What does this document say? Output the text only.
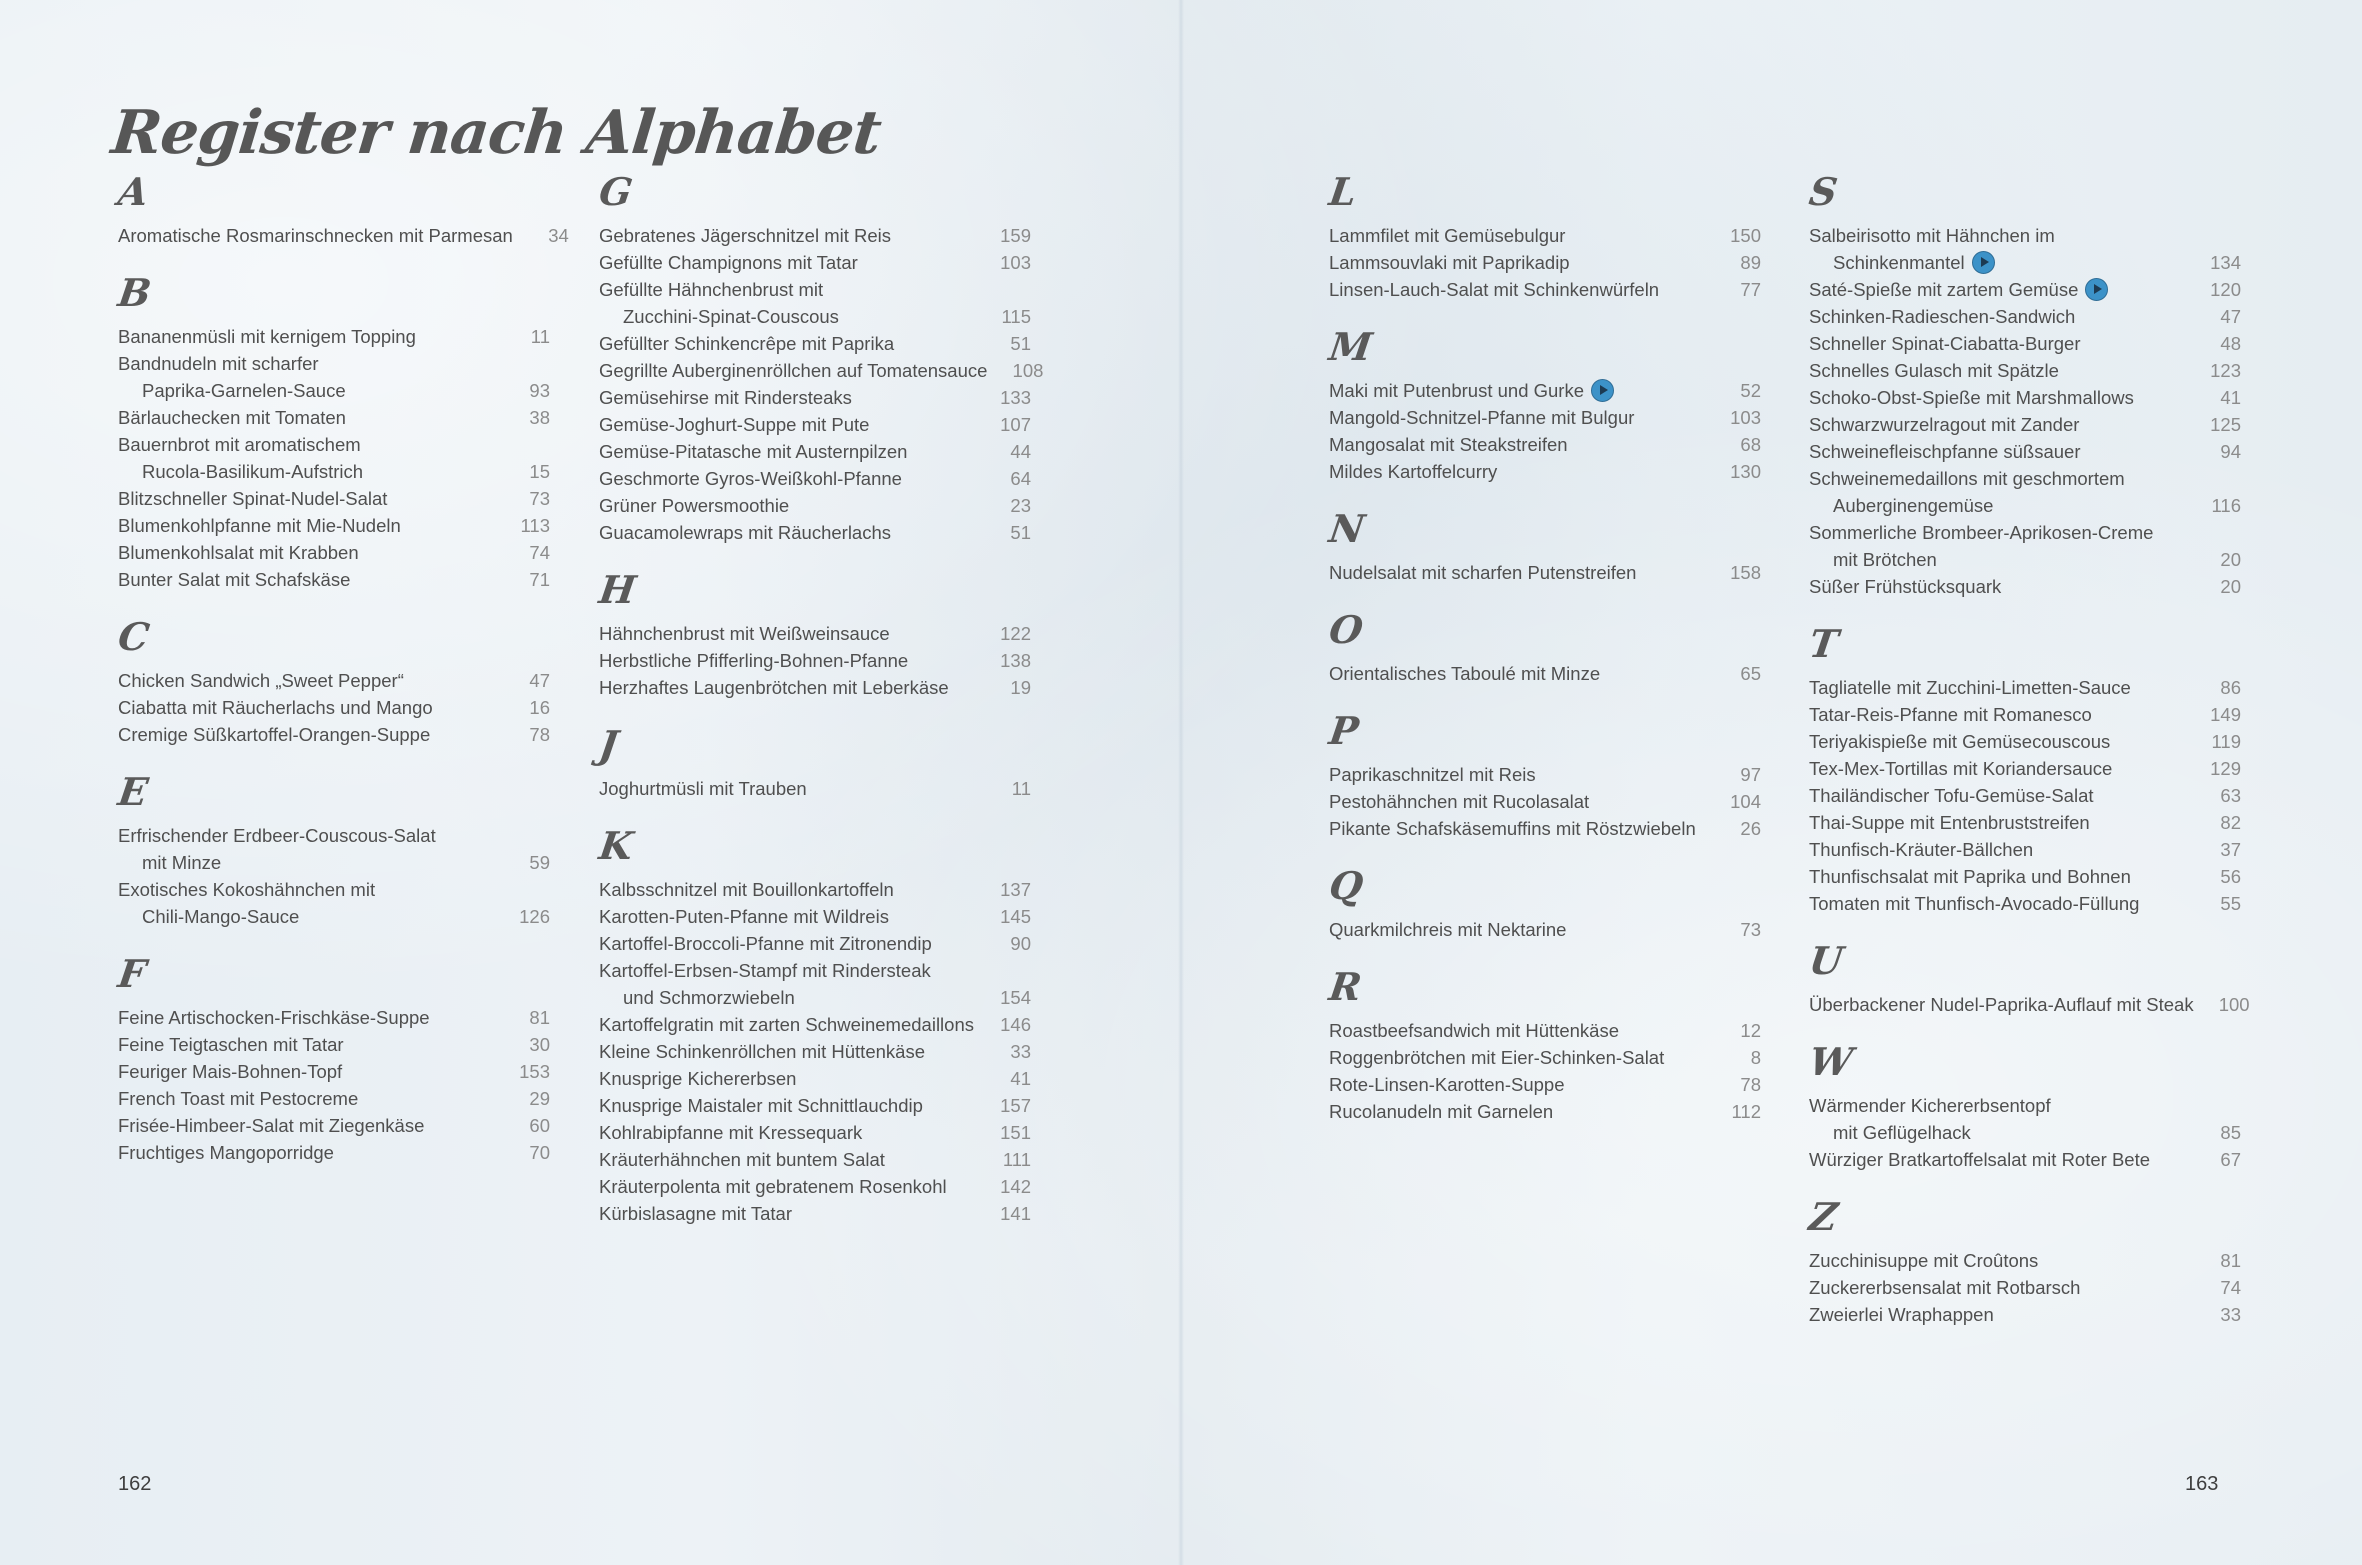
Register nach Alphabet
A
Aromatische Rosmarinschnecken mit Parmesan	34
B
Bananenmüsli mit kernigem Topping	11
Bandnudeln mit scharfer
Paprika-Garnelen-Sauce	93
Bärlauchecken mit Tomaten	38
Bauernbrot mit aromatischem
Rucola-Basilikum-Aufstrich	15
Blitzschneller Spinat-Nudel-Salat	73
Blumenkohlpfanne mit Mie-Nudeln	113
Blumenkohlsalat mit Krabben	74
Bunter Salat mit Schafskäse	71
C
Chicken Sandwich „Sweet Pepper“	47
Ciabatta mit Räucherlachs und Mango	16
Cremige Süßkartoffel-Orangen-Suppe	78
E
Erfrischender Erdbeer-Couscous-Salat
mit Minze	59
Exotisches Kokoshähnchen mit
Chili-Mango-Sauce	126
F
Feine Artischocken-Frischkäse-Suppe	81
Feine Teigtaschen mit Tatar	30
Feuriger Mais-Bohnen-Topf	153
French Toast mit Pestocreme	29
Frisée-Himbeer-Salat mit Ziegenkäse	60
Fruchtiges Mangoporridge	70
G
Gebratenes Jägerschnitzel mit Reis	159
Gefüllte Champignons mit Tatar	103
Gefüllte Hähnchenbrust mit
Zucchini-Spinat-Couscous	115
Gefüllter Schinkencrêpe mit Paprika	51
Gegrillte Auberginenröllchen auf Tomatensauce	108
Gemüsehirse mit Rindersteaks	133
Gemüse-Joghurt-Suppe mit Pute	107
Gemüse-Pitatasche mit Austernpilzen	44
Geschmorte Gyros-Weißkohl-Pfanne	64
Grüner Powersmoothie	23
Guacamolewraps mit Räucherlachs	51
H
Hähnchenbrust mit Weißweinsauce	122
Herbstliche Pfifferling-Bohnen-Pfanne	138
Herzhaftes Laugenbrötchen mit Leberkäse	19
J
Joghurtmüsli mit Trauben	11
K
Kalbsschnitzel mit Bouillonkartoffeln	137
Karotten-Puten-Pfanne mit Wildreis	145
Kartoffel-Broccoli-Pfanne mit Zitronendip	90
Kartoffel-Erbsen-Stampf mit Rindersteak
und Schmorzwiebeln	154
Kartoffelgratin mit zarten Schweinemedaillons	146
Kleine Schinkenröllchen mit Hüttenkäse	33
Knusprige Kichererbsen	41
Knusprige Maistaler mit Schnittlauchdip	157
Kohlrabipfanne mit Kressequark	151
Kräuterhähnchen mit buntem Salat	111
Kräuterpolenta mit gebratenem Rosenkohl	142
Kürbislasagne mit Tatar	141
L
Lammfilet mit Gemüsebulgur	150
Lammsouvlaki mit Paprikadip	89
Linsen-Lauch-Salat mit Schinkenwürfeln	77
M
Maki mit Putenbrust und Gurke	52
Mangold-Schnitzel-Pfanne mit Bulgur	103
Mangosalat mit Steakstreifen	68
Mildes Kartoffelcurry	130
N
Nudelsalat mit scharfen Putenstreifen	158
O
Orientalisches Taboulé mit Minze	65
P
Paprikaschnitzel mit Reis	97
Pestohähnchen mit Rucolasalat	104
Pikante Schafskäsemuffins mit Röstzwiebeln	26
Q
Quarkmilchreis mit Nektarine	73
R
Roastbeefsandwich mit Hüttenkäse	12
Roggenbrötchen mit Eier-Schinken-Salat	8
Rote-Linsen-Karotten-Suppe	78
Rucolanudeln mit Garnelen	112
S
Salbeirisotto mit Hähnchen im
Schinkenmantel	134
Saté-Spieße mit zartem Gemüse	120
Schinken-Radieschen-Sandwich	47
Schneller Spinat-Ciabatta-Burger	48
Schnelles Gulasch mit Spätzle	123
Schoko-Obst-Spieße mit Marshmallows	41
Schwarzwurzelragout mit Zander	125
Schweinefleischpfanne süßsauer	94
Schweinemedaillons mit geschmortem
Auberginengemüse	116
Sommerliche Brombeer-Aprikosen-Creme
mit Brötchen	20
Süßer Frühstücksquark	20
T
Tagliatelle mit Zucchini-Limetten-Sauce	86
Tatar-Reis-Pfanne mit Romanesco	149
Teriyakispieße mit Gemüsecouscous	119
Tex-Mex-Tortillas mit Koriandersauce	129
Thailändischer Tofu-Gemüse-Salat	63
Thai-Suppe mit Entenbruststreifen	82
Thunfisch-Kräuter-Bällchen	37
Thunfischsalat mit Paprika und Bohnen	56
Tomaten mit Thunfisch-Avocado-Füllung	55
U
Überbackener Nudel-Paprika-Auflauf mit Steak	100
W
Wärmender Kichererbsentopf
mit Geflügelhack	85
Würziger Bratkartoffelsalat mit Roter Bete	67
Z
Zucchinisuppe mit Croûtons	81
Zuckererbsensalat mit Rotbarsch	74
Zweierlei Wraphappen	33
162	163
